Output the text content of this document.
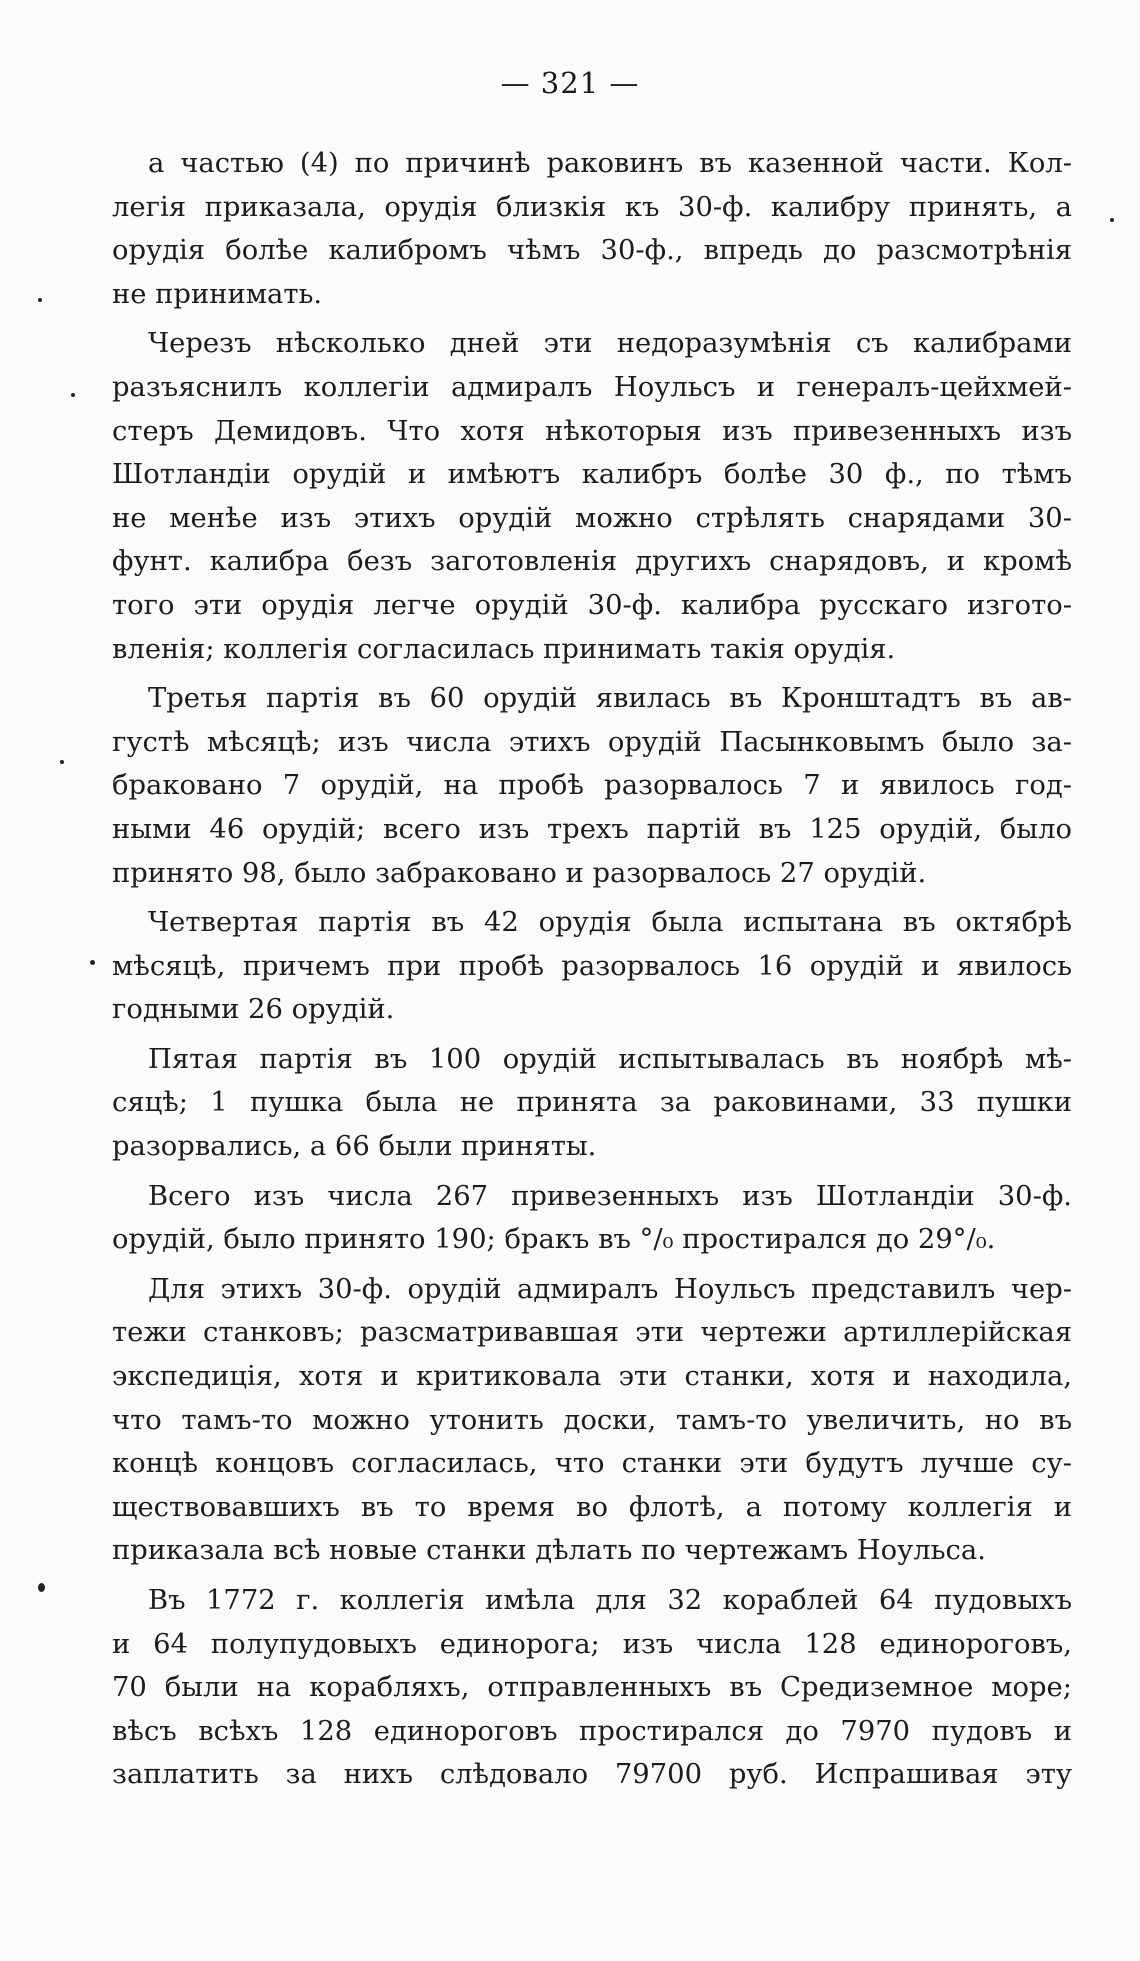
— 321 —
а частью (4) по причинѣ раковинъ въ казенной части. Кол-
легія приказала, орудія близкія къ 30-ф. калибру принять, а
орудія болѣе калибромъ чѣмъ 30-ф., впредь до разсмотрѣнія
не принимать.
Черезъ нѣсколько дней эти недоразумѣнія съ калибрами
разъяснилъ коллегіи адмиралъ Ноульсъ и генералъ-цейхмей-
стеръ Демидовъ. Что хотя нѣкоторыя изъ привезенныхъ изъ
Шотландіи орудій и имѣютъ калибръ болѣе 30 ф., по тѣмъ
не менѣе изъ этихъ орудій можно стрѣлять снарядами 30-
фунт. калибра безъ заготовленія другихъ снарядовъ, и кромѣ
того эти орудія легче орудій 30-ф. калибра русскаго изгото-
вленія; коллегія согласилась принимать такія орудія.
Третья партія въ 60 орудій явилась въ Кронштадтъ въ ав-
густѣ мѣсяцѣ; изъ числа этихъ орудій Пасынковымъ было за-
браковано 7 орудій, на пробѣ разорвалось 7 и явилось год-
ными 46 орудій; всего изъ трехъ партій въ 125 орудій, было
принято 98, было забраковано и разорвалось 27 орудій.
Четвертая партія въ 42 орудія была испытана въ октябрѣ
мѣсяцѣ, причемъ при пробѣ разорвалось 16 орудій и явилось
годными 26 орудій.
Пятая партія въ 100 орудій испытывалась въ ноябрѣ мѣ-
сяцѣ; 1 пушка была не принята за раковинами, 33 пушки
разорвались, а 66 были приняты.
Всего изъ числа 267 привезенныхъ изъ Шотландіи 30-ф.
орудій, было принято 190; бракъ въ °/₀ простирался до 29°/₀.
Для этихъ 30-ф. орудій адмиралъ Ноульсъ представилъ чер-
тежи станковъ; разсматривавшая эти чертежи артиллерійская
экспедиція, хотя и критиковала эти станки, хотя и находила,
что тамъ-то можно утонить доски, тамъ-то увеличить, но въ
концѣ концовъ согласилась, что станки эти будутъ лучше су-
ществовавшихъ въ то время во флотѣ, а потому коллегія и
приказала всѣ новые станки дѣлать по чертежамъ Ноульса.
Въ 1772 г. коллегія имѣла для 32 кораблей 64 пудовыхъ
и 64 полупудовыхъ единорога; изъ числа 128 единороговъ,
70 были на корабляхъ, отправленныхъ въ Средиземное море;
вѣсъ всѣхъ 128 единороговъ простирался до 7970 пудовъ и
заплатить за нихъ слѣдовало 79700 руб. Испрашивая эту
